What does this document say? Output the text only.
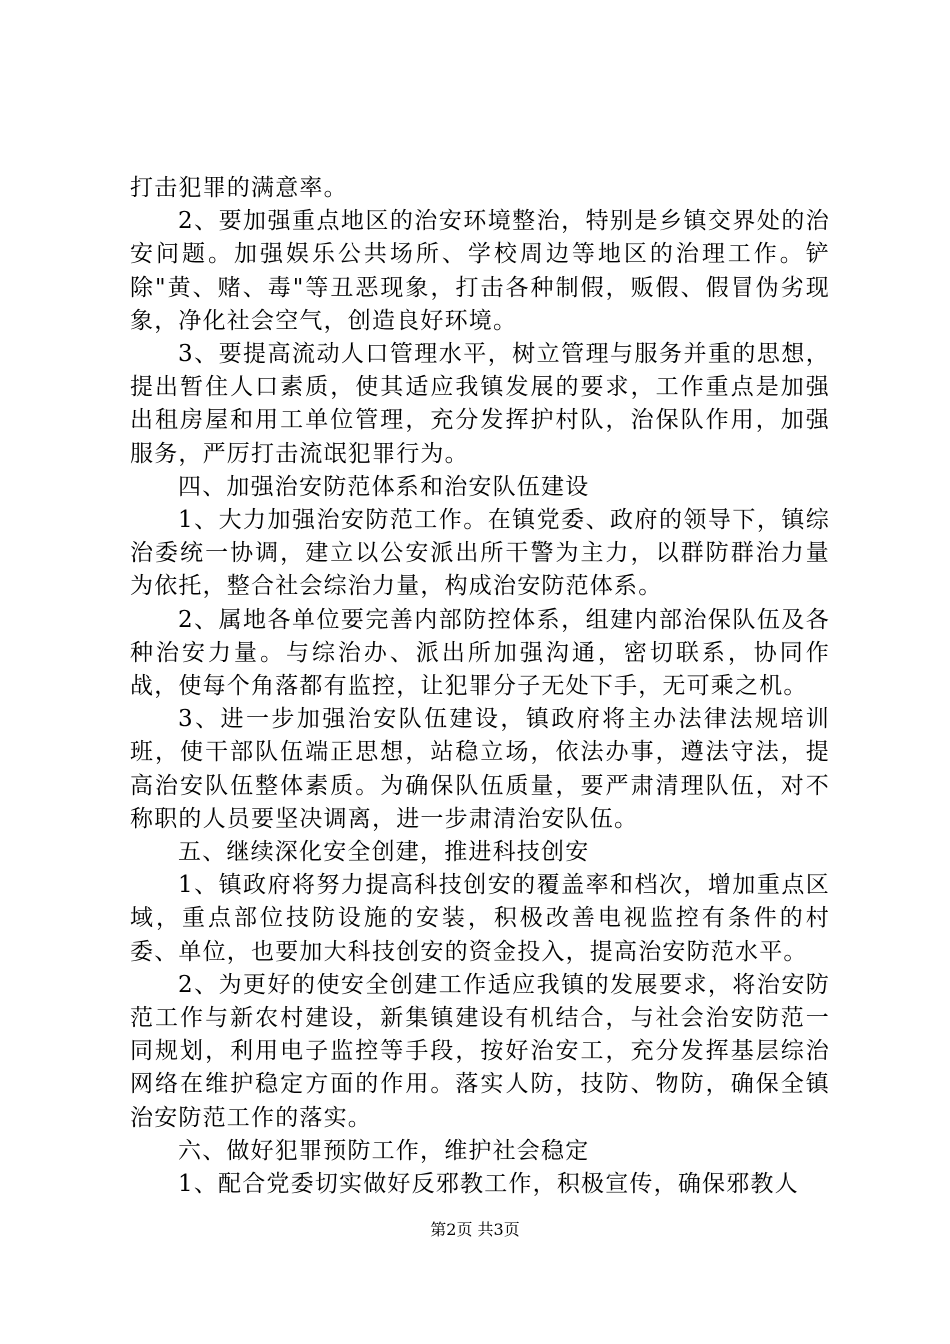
打击犯罪的满意率。

2、要加强重点地区的治安环境整治，特别是乡镇交界处的治安问题。加强娱乐公共场所、学校周边等地区的治理工作。铲除"黄、赌、毒"等丑恶现象，打击各种制假，贩假、假冒伪劣现象，净化社会空气，创造良好环境。

3、要提高流动人口管理水平，树立管理与服务并重的思想，提出暂住人口素质，使其适应我镇发展的要求，工作重点是加强出租房屋和用工单位管理，充分发挥护村队，治保队作用，加强服务，严厉打击流氓犯罪行为。

四、加强治安防范体系和治安队伍建设

1、大力加强治安防范工作。在镇党委、政府的领导下，镇综治委统一协调，建立以公安派出所干警为主力，以群防群治力量为依托，整合社会综治力量，构成治安防范体系。

2、属地各单位要完善内部防控体系，组建内部治保队伍及各种治安力量。与综治办、派出所加强沟通，密切联系，协同作战，使每个角落都有监控，让犯罪分子无处下手，无可乘之机。

3、进一步加强治安队伍建设，镇政府将主办法律法规培训班，使干部队伍端正思想，站稳立场，依法办事，遵法守法，提高治安队伍整体素质。为确保队伍质量，要严肃清理队伍，对不称职的人员要坚决调离，进一步肃清治安队伍。

五、继续深化安全创建，推进科技创安

1、镇政府将努力提高科技创安的覆盖率和档次，增加重点区域，重点部位技防设施的安装，积极改善电视监控有条件的村委、单位，也要加大科技创安的资金投入，提高治安防范水平。

2、为更好的使安全创建工作适应我镇的发展要求，将治安防范工作与新农村建设，新集镇建设有机结合，与社会治安防范一同规划，利用电子监控等手段，按好治安工，充分发挥基层综治网络在维护稳定方面的作用。落实人防，技防、物防，确保全镇治安防范工作的落实。

六、做好犯罪预防工作，维护社会稳定

1、配合党委切实做好反邪教工作，积极宣传，确保邪教人

第2页 共3页
